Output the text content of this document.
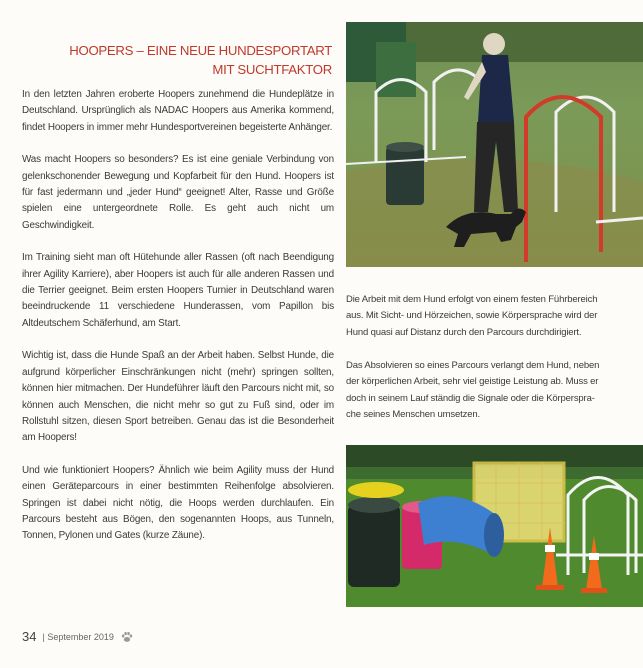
HOOPERS – EINE NEUE HUNDESPORTART
MIT SUCHTFAKTOR

In den letzten Jahren eroberte Hoopers zunehmend die Hundeplätze in Deutschland. Ursprünglich als NADAC Hoopers aus Amerika kommend, findet Hoopers in immer mehr Hundesportvereinen begeisterte Anhänger.

Was macht Hoopers so besonders? Es ist eine geniale Verbindung von gelenkschonender Bewegung und Kopfarbeit für den Hund. Hoopers ist für fast jedermann und „jeder Hund“ geeignet! Alter, Rasse und Größe spielen eine untergeordnete Rolle. Es geht auch nicht um Geschwindigkeit.

Im Training sieht man oft Hütehunde aller Rassen (oft nach Beendigung ihrer Agility Karriere), aber Hoopers ist auch für alle anderen Rassen und die Terrier geeignet. Beim ersten Hoopers Turnier in Deutschland waren beeindruckende 11 verschiedene Hunderassen, vom Papillon bis Altdeutschem Schäferhund, am Start.

Wichtig ist, dass die Hunde Spaß an der Arbeit haben. Selbst Hunde, die aufgrund körperlicher Einschränkungen nicht (mehr) springen sollten, können hier mitmachen. Der Hundeführer läuft den Parcours nicht mit, so können auch Menschen, die nicht mehr so gut zu Fuß sind, oder im Rollstuhl sitzen, diesen Sport betreiben. Genau das ist die Besonderheit am Hoopers!

Und wie funktioniert Hoopers? Ähnlich wie beim Agility muss der Hund einen Geräteparcours in einer bestimmten Reihenfolge absolvieren. Springen ist dabei nicht nötig, die Hoops werden durchlaufen. Ein Parcours besteht aus Bögen, den sogenannten Hoops, aus Tunneln, Tonnen, Pylonen und Gates (kurze Zäune).

Die Arbeit mit dem Hund erfolgt von einem festen Führbereich

aus. Mit Sicht- und Hörzeichen, sowie Körpersprache wird der

Hund quasi auf Distanz durch den Parcours durchdirigiert.

Das Absolvieren so eines Parcours verlangt dem Hund, neben

der körperlichen Arbeit, sehr viel geistige Leistung ab. Muss er

doch in seinem Lauf ständig die Signale oder die Körperspra-

che seines Menschen umsetzen.

34 | September 2019
